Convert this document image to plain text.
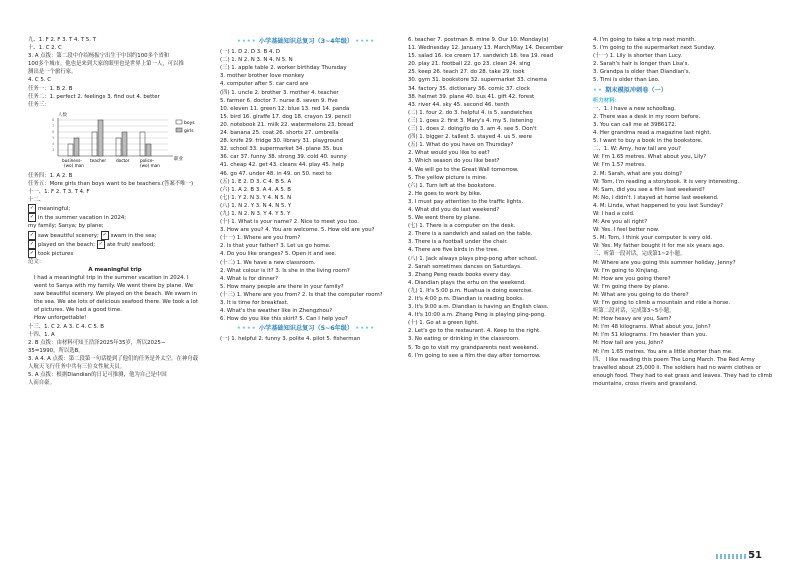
九、1. F 2. F 3. T 4. T 5. T
十、1. C 2. C
3. A 点拨：第二段中介绍杨振宁出生于中国约100多个省和
100多个城市。他也是来到大家的眼里也是世界上第一人，可以推
测出是一个旅行家。
4. C 5. C
任务一：1. B 2. B
任务二：1. perfect 2. feelings 3. find out 4. better
任务三：
人数
8
7
6
5
4
3
boys
girls
business-
(wo) man
teacher doctor	police-
(wo) man
职业
任务四：1. A 2. B
任务五：More girls than boys want to be teachers.(答案不唯一)
十一、1. F 2. T 3. T 4. F
十二、
✓ meaningful;
✓ in the summer vacation in 2024;
my family; Sanya; by plane;
✓ saw beautiful scenery; ✓ swam in the sea;
✓ played on the beach; ✓ ate fruit/ seafood;
✓ took pictures
范文：
A meaningful trip
I had a meaningful trip in the summer vacation in 2024. I went to Sanya with my family. We went there by plane. We saw beautiful scenery. We played on the beach. We swam in the sea. We ate lots of delicious seafood there. We took a lot of pictures. We had a good time.
How unforgettable!
十三、1. C 2. A 3. C 4. C 5. B
十四、1. A
2. B 点拨：由材料可知王浩泽2025年35岁，所以2025−
35=1990，所以选B。
3. A 4. A 点拨：第二段第一句话提到了他们的任务是外太空。在神舟载
人航天飞行任务中共有三位女性航天员。
5. A 点拨：根据Diandian的日记可推测，他为自己是中国
人而自豪。
•••• 小学基础知识总复习（3~4年级） ••••
(一) 1. D 2. D 3. B 4. D
(二) 1. N 2. N 3. N 4. N 5. N
(三) 1. apple table 2. worker birthday Thursday
3. mother brother love monkey
4. computer after 5. car card are
(四) 1. uncle 2. brother 3. mother 4. teacher
5. farmer 6. doctor 7. nurse 8. seven 9. five
10. eleven 11. green 12. blue 13. red 14. panda
15. bird 16. giraffe 17. dog 18. crayon 19. pencil
20. notebook 21. milk 22. watermelons 23. bread
24. banana 25. coat 26. shorts 27. umbrella
28. knife 29. fridge 30. library 31. playground
32. school 33. supermarket 34. plane 35. bus
36. car 37. funny 38. strong 39. cold 40. sunny
41. cheap 42. get 43. cleans 44. play 45. help
46. go 47. under 48. in 49. on 50. next to
(五) 1. E 2. D 3. C 4. B 5. A
(六) 1. A 2. B 3. A 4. A 5. B
(七) 1. Y 2. N 3. Y 4. N 5. N
(八) 1. N 2. Y 3. N 4. N 5. Y
(九) 1. N 2. N 3. Y 4. Y 5. Y
(十) 1. What is your name? 2. Nice to meet you too.
3. How are you? 4. You are welcome. 5. How old are you?
(十一) 1. Where are you from?
2. Is that your father? 3. Let us go home.
4. Do you like oranges? 5. Open it and see.
(十二) 1. We have a new classroom.
2. What colour is it? 3. Is she in the living room?
4. What is for dinner?
5. How many people are there in your family?
(十三) 1. Where are you from? 2. Is that the computer room?
3. It is time for breakfast.
4. What's the weather like in Zhengzhou?
6. How do you like this skirt? 5. Can I help you?
•••• 小学基础知识总复习（5~6年级） ••••
(一) 1. helpful 2. funny 3. polite 4. pilot 5. fisherman
6. teacher 7. postman 8. mine 9. Our 10. Monday(s)
11. Wednesday 12. January 13. March/May 14. December
15. salad 16. ice cream 17. sandwich 18. tea 19. read
20. play 21. football 22. go 23. clean 24. sing
25. keep 26. teach 27. do 28. take 29. took
30. gym 31. bookstore 32. supermarket 33. cinema
34. factory 35. dictionary 36. comic 37. clock
38. helmet 39. plane 40. bus 41. gift 42. forest
43. river 44. sky 45. second 46. tenth
(二) 1. four 2. do 3. helpful 4. is 5. sandwiches
(三) 1. goes 2. first 3. Mary's 4. my 5. listening
(三) 1. does 2. doing/to do 3. am 4. see 5. Don't
(四) 1. bigger 2. tallest 3. stayed 4. us 5. were
(五) 1. What do you have on Thursday?
2. What would you like to eat?
3. Which season do you like best?
4. We will go to the Great Wall tomorrow.
5. The yellow picture is mine.
(六) 1. Turn left at the bookstore.
2. He goes to work by bike.
3. I must pay attention to the traffic lights.
4. What did you do last weekend?
5. We went there by plane.
(七) 1. There is a computer on the desk.
2. There is a sandwich and salad on the table.
3. There is a football under the chair.
4. There are five birds in the tree.
(八) 1. Jack always plays ping-pong after school.
2. Sarah sometimes dances on Saturdays.
3. Zhang Peng reads books every day.
4. Diandian plays the erhu on the weekend.
(九) 1. It's 5:00 p.m. Huahua is doing exercise.
2. It's 4:00 p.m. Diandian is reading books.
3. It's 9:00 a.m. Diandian is having an English class.
4. It's 10:00 a.m. Zhang Peng is playing ping-pong.
(十) 1. Go at a green light.
2. Let's go to the restaurant. 4. Keep to the right.
3. No eating or drinking in the classroom.
5. To go to visit my grandparents next weekend.
6. I'm going to see a film the day after tomorrow.
4. I'm going to take a trip next month.
5. I'm going to the supermarket next Sunday.
(十一) 1. Lily is shorter than Lucy.
2. Sarah's hair is longer than Lisa's.
3. Grandpa is older than Diandian's.
5. Timi is older than Leo.
•• 期末模拟冲刺卷（一）
听力材料：
一、1. I have a new schoolbag.
2. There was a desk in my room before.
3. You can call me at 3986172.
4. Her grandma read a magazine last night.
5. I want to buy a book in the bookstore.
二、1. W: Amy, how tall are you?
W: I'm 1.65 metres. What about you, Lily?
W: I'm 1.57 metres.
2. M: Sarah, what are you doing?
W: Tom, I'm reading a storybook. It is very interesting.
M: Sam, did you see a film last weekend?
M: No, I didn't. I stayed at home last weekend.
4. M: Linda, what happened to you last Sunday?
W: I had a cold.
M: Are you all right?
W: Yes. I feel better now.
5. M: Tom, I think your computer is very old.
W: Yes. My father bought it for me six years ago.
三、听第一段对话，完成第1~2小题。
M: Where are you going this summer holiday, Jenny?
W: I'm going to Xinjiang.
M: How are you going there?
W: I'm going there by plane.
M: What are you going to do there?
W: I'm going to climb a mountain and ride a horse.
听第二段对话，完成第3~5小题。
M: How heavy are you, Sam?
M: I'm 48 kilograms. What about you, John?
M: I'm 51 kilograms. I'm heavier than you.
M: How tall are you, John?
M: I'm 1.65 metres. You are a little shorter than me.
四、 I like reading this poem The Long March. The Red Army travelled about 25,000 li. The soldiers had no warm clothes or enough food. They had to eat grass and leaves. They had to climb mountains, cross rivers and grassland.
51
